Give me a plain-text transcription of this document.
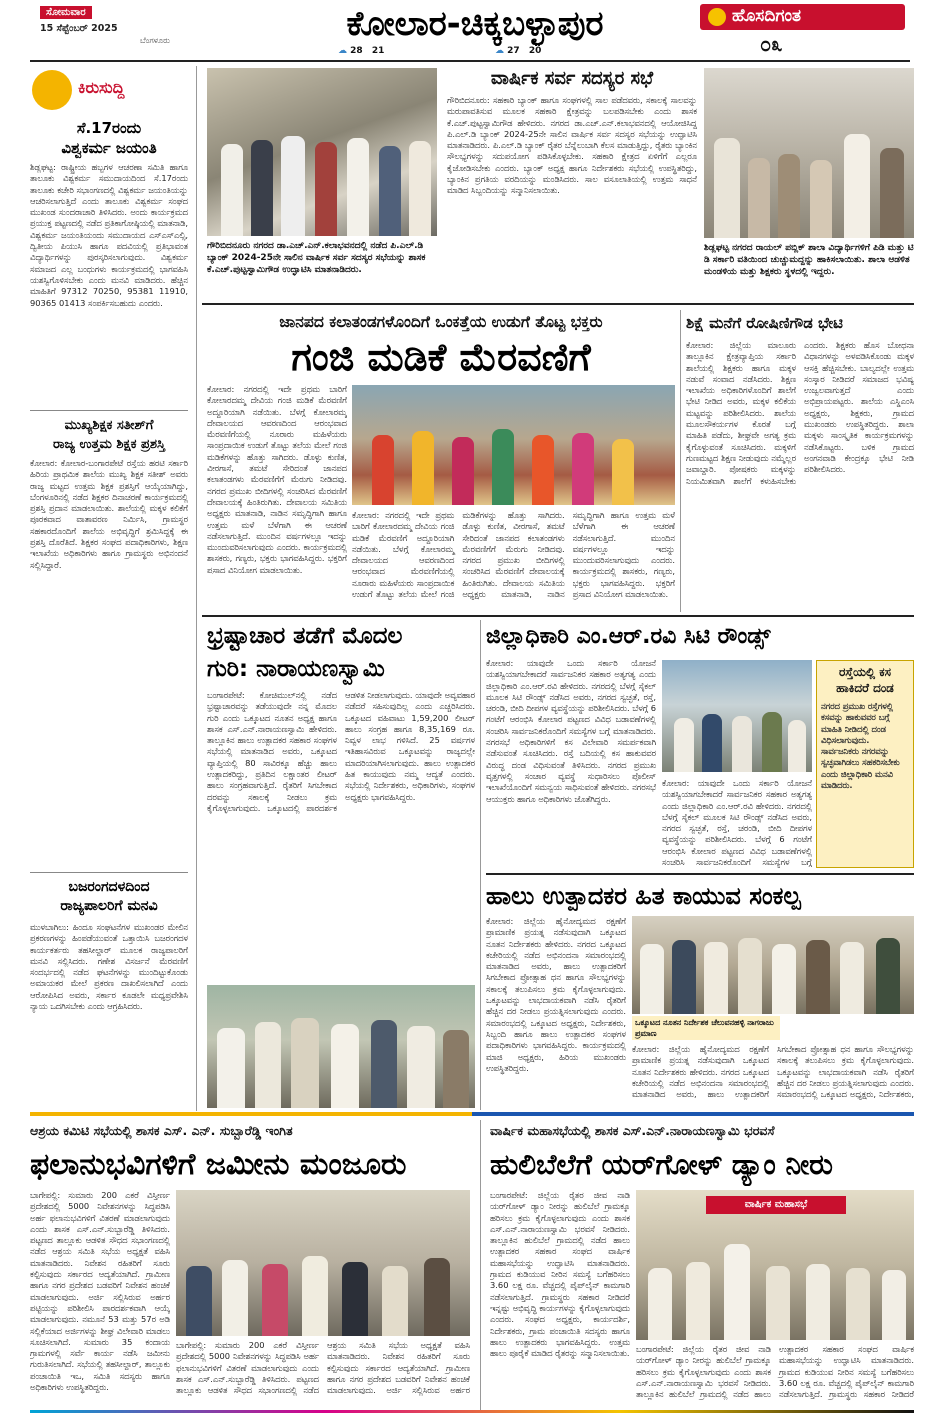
ಸೋಮವಾರ
15 ಸೆಪ್ಟೆಂಬರ್ 2025
ಬೆಂಗಳೂರು	ಕೋಲಾರ-ಚಿಕ್ಕಬಳ್ಳಾಪುರ
☁ 28 21	☁ 27 20
ಹೊಸದಿಗಂತ
೦೩
ಕಿರುಸುದ್ದಿ
ಸೆ.17ರಂದು
ವಿಶ್ವಕರ್ಮ ಜಯಂತಿ
ಶಿಡ್ಲಘಟ್ಟ: ರಾಷ್ಟ್ರೀಯ ಹಬ್ಬಗಳ ಆಚರಣಾ ಸಮಿತಿ ಹಾಗೂ ತಾಲೂಕು ವಿಶ್ವಕರ್ಮ ಸಮುದಾಯದಿಂದ ಸೆ.17ರಂದು ತಾಲೂಕು ಕಚೇರಿ ಸಭಾಂಗಣದಲ್ಲಿ ವಿಶ್ವಕರ್ಮ ಜಯಂತಿಯನ್ನು ಆಚರಿಸಲಾಗುತ್ತಿದೆ ಎಂದು ತಾಲೂಕು ವಿಶ್ವಕರ್ಮ ಸಂಘದ ಮುಖಂಡ ಸುಂದರಾಚಾರಿ ತಿಳಿಸಿದರು. ಅಂದು ಕಾರ್ಯಕ್ರಮದ ಪ್ರಯುಕ್ತ ಪಟ್ಟಣದಲ್ಲಿ ನಡೆದ ಪ್ರತಿಕಾಗೋಷ್ಠಿಯಲ್ಲಿ ಮಾತನಾಡಿ, ವಿಶ್ವಕರ್ಮ ಜಯಂತಿಯಂದು ಸಮುದಾಯದ ಎಸ್ಎಸ್ಎಲ್ಸಿ, ದ್ವಿತೀಯ ಪಿಯುಸಿ ಹಾಗೂ ಪದವಿಯಲ್ಲಿ ಪ್ರತಿಭಾವಂತ ವಿದ್ಯಾರ್ಥಿಗಳನ್ನು ಪುರಸ್ಕರಿಸಲಾಗುವುದು. ವಿಶ್ವಕರ್ಮ ಸಮಾಜದ ಎಲ್ಲ ಬಂಧುಗಳು ಕಾರ್ಯಕ್ರಮದಲ್ಲಿ ಭಾಗವಹಿಸಿ ಯಶಸ್ವಿಗೊಳಿಸಬೇಕು ಎಂದು ಮನವಿ ಮಾಡಿದರು. ಹೆಚ್ಚಿನ ಮಾಹಿತಿಗೆ 97312 70250, 95381 11910, 90365 01413 ಸಂಪರ್ಕಿಸಬಹುದು ಎಂದರು.
ಮುಖ್ಯಶಿಕ್ಷಕ ಸತೀಶ್‌ಗೆ
ರಾಜ್ಯ ಉತ್ತಮ ಶಿಕ್ಷಕ ಪ್ರಶಸ್ತಿ
ಕೋಲಾರ: ಕೋಲಾರ-ಬಂಗಾರಪೇಟೆ ರಸ್ತೆಯ ಹರಟಿ ಸರ್ಕಾರಿ ಹಿರಿಯ ಪ್ರಾಥಮಿಕ ಶಾಲೆಯ ಮುಖ್ಯ ಶಿಕ್ಷಕ ಸತೀಶ್ ಅವರು ರಾಜ್ಯ ಮಟ್ಟದ ಉತ್ತಮ ಶಿಕ್ಷಕ ಪ್ರಶಸ್ತಿಗೆ ಆಯ್ಕೆಯಾಗಿದ್ದು, ಬೆಂಗಳೂರಿನಲ್ಲಿ ನಡೆದ ಶಿಕ್ಷಕರ ದಿನಾಚರಣೆ ಕಾರ್ಯಕ್ರಮದಲ್ಲಿ ಪ್ರಶಸ್ತಿ ಪ್ರದಾನ ಮಾಡಲಾಯಿತು. ಶಾಲೆಯಲ್ಲಿ ಮಕ್ಕಳ ಕಲಿಕೆಗೆ ಪೂರಕವಾದ ವಾತಾವರಣ ನಿರ್ಮಿಸಿ, ಗ್ರಾಮಸ್ಥರ ಸಹಕಾರದೊಂದಿಗೆ ಶಾಲೆಯ ಅಭಿವೃದ್ಧಿಗೆ ಶ್ರಮಿಸಿದ್ದಕ್ಕೆ ಈ ಪ್ರಶಸ್ತಿ ದೊರೆತಿದೆ. ಶಿಕ್ಷಕರ ಸಂಘದ ಪದಾಧಿಕಾರಿಗಳು, ಶಿಕ್ಷಣ ಇಲಾಖೆಯ ಅಧಿಕಾರಿಗಳು ಹಾಗೂ ಗ್ರಾಮಸ್ಥರು ಅಭಿನಂದನೆ ಸಲ್ಲಿಸಿದ್ದಾರೆ.
ಬಜರಂಗದಳದಿಂದ
ರಾಜ್ಯಪಾಲರಿಗೆ ಮನವಿ
ಮುಳಬಾಗಿಲು: ಹಿಂದೂ ಸಂಘಟನೆಗಳ ಮುಖಂಡರ ಮೇಲಿನ ಪ್ರಕರಣಗಳನ್ನು ಹಿಂಪಡೆಯುವಂತೆ ಒತ್ತಾಯಿಸಿ ಬಜರಂಗದಳ ಕಾರ್ಯಕರ್ತರು ತಹಸೀಲ್ದಾರ್ ಮೂಲಕ ರಾಜ್ಯಪಾಲರಿಗೆ ಮನವಿ ಸಲ್ಲಿಸಿದರು. ಗಣೇಶ ವಿಸರ್ಜನೆ ಮೆರವಣಿಗೆ ಸಂದರ್ಭದಲ್ಲಿ ನಡೆದ ಘಟನೆಗಳನ್ನು ಮುಂದಿಟ್ಟುಕೊಂಡು ಅಮಾಯಕರ ಮೇಲೆ ಪ್ರಕರಣ ದಾಖಲಿಸಲಾಗಿದೆ ಎಂದು ಆರೋಪಿಸಿದ ಅವರು, ಸರ್ಕಾರ ಕೂಡಲೇ ಮಧ್ಯಪ್ರವೇಶಿಸಿ ನ್ಯಾಯ ಒದಗಿಸಬೇಕು ಎಂದು ಆಗ್ರಹಿಸಿದರು.
ಗೌರಿಬಿದನೂರು ನಗರದ ಡಾ.ಎಚ್.ಎನ್.ಕಲಾಭವನದಲ್ಲಿ ನಡೆದ ಪಿ.ಎಲ್.ಡಿ ಬ್ಯಾಂಕ್ 2024-25ನೇ ಸಾಲಿನ ವಾರ್ಷಿಕ ಸರ್ವ ಸದಸ್ಯರ ಸಭೆಯನ್ನು ಶಾಸಕ ಕೆ.ಎಚ್.ಪುಟ್ಟಸ್ವಾಮಿಗೌಡ ಉದ್ಘಾಟಿಸಿ ಮಾತನಾಡಿದರು.
ವಾರ್ಷಿಕ ಸರ್ವ ಸದಸ್ಯರ ಸಭೆ
ಗೌರಿಬಿದನೂರು: ಸಹಕಾರಿ ಬ್ಯಾಂಕ್ ಹಾಗೂ ಸಂಘಗಳಲ್ಲಿ ಸಾಲ ಪಡೆದವರು, ಸಕಾಲಕ್ಕೆ ಸಾಲವನ್ನು ಮರುಪಾವತಿಸುವ ಮೂಲಕ ಸಹಕಾರಿ ಕ್ಷೇತ್ರವನ್ನು ಬಲಪಡಿಸಬೇಕು ಎಂದು ಶಾಸಕ ಕೆ.ಎಚ್.ಪುಟ್ಟಸ್ವಾಮಿಗೌಡ ಹೇಳಿದರು. ನಗರದ ಡಾ.ಎಚ್.ಎನ್.ಕಲಾಭವನದಲ್ಲಿ ಆಯೋಜಿಸಿದ್ದ ಪಿ.ಎಲ್.ಡಿ ಬ್ಯಾಂಕ್ 2024-25ನೇ ಸಾಲಿನ ವಾರ್ಷಿಕ ಸರ್ವ ಸದಸ್ಯರ ಸಭೆಯನ್ನು ಉದ್ಘಾಟಿಸಿ ಮಾತನಾಡಿದರು. ಪಿ.ಎಲ್.ಡಿ ಬ್ಯಾಂಕ್ ರೈತರ ಬೆನ್ನೆಲುಬಾಗಿ ಕೆಲಸ ಮಾಡುತ್ತಿದ್ದು, ರೈತರು ಬ್ಯಾಂಕಿನ ಸೌಲಭ್ಯಗಳನ್ನು ಸದುಪಯೋಗ ಪಡಿಸಿಕೊಳ್ಳಬೇಕು. ಸಹಕಾರಿ ಕ್ಷೇತ್ರದ ಏಳಿಗೆಗೆ ಎಲ್ಲರೂ ಕೈಜೋಡಿಸಬೇಕು ಎಂದರು. ಬ್ಯಾಂಕ್ ಅಧ್ಯಕ್ಷ ಹಾಗೂ ನಿರ್ದೇಶಕರು ಸಭೆಯಲ್ಲಿ ಉಪಸ್ಥಿತರಿದ್ದು, ಬ್ಯಾಂಕಿನ ಪ್ರಗತಿಯ ವರದಿಯನ್ನು ಮಂಡಿಸಿದರು. ಸಾಲ ವಸೂಲಾತಿಯಲ್ಲಿ ಉತ್ತಮ ಸಾಧನೆ ಮಾಡಿದ ಸಿಬ್ಬಂದಿಯನ್ನು ಸನ್ಮಾನಿಸಲಾಯಿತು.
ಶಿಡ್ಲಘಟ್ಟ ನಗರದ ರಾಯಲ್ ಪಬ್ಲಿಕ್ ಶಾಲಾ ವಿದ್ಯಾರ್ಥಿಗಳಿಗೆ ಪಿಡಿ ಮತ್ತು ಟಿ ಡಿ ಸರ್ಕಾರಿ ವತಿಯಿಂದ ಚುಚ್ಚುಮದ್ದನ್ನು ಹಾಕಿಸಲಾಯಿತು. ಶಾಲಾ ಆಡಳಿತ ಮಂಡಳಿಯ ಮತ್ತು ಶಿಕ್ಷಕರು ಸ್ಥಳದಲ್ಲಿ ಇದ್ದರು.
ಜಾನಪದ ಕಲಾತಂಡಗಳೊಂದಿಗೆ ಒಂಕತ್ತೆಯ ಉಡುಗೆ ತೊಟ್ಟ ಭಕ್ತರು
ಗಂಜಿ ಮಡಿಕೆ ಮೆರವಣಿಗೆ
ಕೋಲಾರ: ನಗರದಲ್ಲಿ ಇದೇ ಪ್ರಥಮ ಬಾರಿಗೆ ಕೋಲಾರದಮ್ಮ ದೇವಿಯ ಗಂಜಿ ಮಡಿಕೆ ಮೆರವಣಿಗೆ ಅದ್ದೂರಿಯಾಗಿ ನಡೆಯಿತು. ಬೆಳಗ್ಗೆ ಕೋಲಾರಮ್ಮ ದೇವಾಲಯದ ಆವರಣದಿಂದ ಆರಂಭವಾದ ಮೆರವಣಿಗೆಯಲ್ಲಿ ನೂರಾರು ಮಹಿಳೆಯರು ಸಾಂಪ್ರದಾಯಿಕ ಉಡುಗೆ ತೊಟ್ಟು ತಲೆಯ ಮೇಲೆ ಗಂಜಿ ಮಡಿಕೆಗಳನ್ನು ಹೊತ್ತು ಸಾಗಿದರು. ಡೊಳ್ಳು ಕುಣಿತ, ವೀರಗಾಸೆ, ತಮಟೆ ಸೇರಿದಂತೆ ಜಾನಪದ ಕಲಾತಂಡಗಳು ಮೆರವಣಿಗೆಗೆ ಮೆರುಗು ನೀಡಿದವು. ನಗರದ ಪ್ರಮುಖ ಬೀದಿಗಳಲ್ಲಿ ಸಂಚರಿಸಿದ ಮೆರವಣಿಗೆ ದೇವಾಲಯಕ್ಕೆ ಹಿಂತಿರುಗಿತು. ದೇವಾಲಯ ಸಮಿತಿಯ ಅಧ್ಯಕ್ಷರು ಮಾತನಾಡಿ, ನಾಡಿನ ಸಮೃದ್ಧಿಗಾಗಿ ಹಾಗೂ ಉತ್ತಮ ಮಳೆ ಬೆಳೆಗಾಗಿ ಈ ಆಚರಣೆ ನಡೆಸಲಾಗುತ್ತಿದೆ. ಮುಂದಿನ ವರ್ಷಗಳಲ್ಲೂ ಇದನ್ನು ಮುಂದುವರಿಸಲಾಗುವುದು ಎಂದರು. ಕಾರ್ಯಕ್ರಮದಲ್ಲಿ ಶಾಸಕರು, ಗಣ್ಯರು, ಭಕ್ತರು ಭಾಗವಹಿಸಿದ್ದರು. ಭಕ್ತರಿಗೆ ಪ್ರಸಾದ ವಿನಿಯೋಗ ಮಾಡಲಾಯಿತು.
ಕೋಲಾರ: ನಗರದಲ್ಲಿ ಇದೇ ಪ್ರಥಮ ಬಾರಿಗೆ ಕೋಲಾರದಮ್ಮ ದೇವಿಯ ಗಂಜಿ ಮಡಿಕೆ ಮೆರವಣಿಗೆ ಅದ್ದೂರಿಯಾಗಿ ನಡೆಯಿತು. ಬೆಳಗ್ಗೆ ಕೋಲಾರಮ್ಮ ದೇವಾಲಯದ ಆವರಣದಿಂದ ಆರಂಭವಾದ ಮೆರವಣಿಗೆಯಲ್ಲಿ ನೂರಾರು ಮಹಿಳೆಯರು ಸಾಂಪ್ರದಾಯಿಕ ಉಡುಗೆ ತೊಟ್ಟು ತಲೆಯ ಮೇಲೆ ಗಂಜಿ ಮಡಿಕೆಗಳನ್ನು ಹೊತ್ತು ಸಾಗಿದರು. ಡೊಳ್ಳು ಕುಣಿತ, ವೀರಗಾಸೆ, ತಮಟೆ ಸೇರಿದಂತೆ ಜಾನಪದ ಕಲಾತಂಡಗಳು ಮೆರವಣಿಗೆಗೆ ಮೆರುಗು ನೀಡಿದವು. ನಗರದ ಪ್ರಮುಖ ಬೀದಿಗಳಲ್ಲಿ ಸಂಚರಿಸಿದ ಮೆರವಣಿಗೆ ದೇವಾಲಯಕ್ಕೆ ಹಿಂತಿರುಗಿತು. ದೇವಾಲಯ ಸಮಿತಿಯ ಅಧ್ಯಕ್ಷರು ಮಾತನಾಡಿ, ನಾಡಿನ ಸಮೃದ್ಧಿಗಾಗಿ ಹಾಗೂ ಉತ್ತಮ ಮಳೆ ಬೆಳೆಗಾಗಿ ಈ ಆಚರಣೆ ನಡೆಸಲಾಗುತ್ತಿದೆ. ಮುಂದಿನ ವರ್ಷಗಳಲ್ಲೂ ಇದನ್ನು ಮುಂದುವರಿಸಲಾಗುವುದು ಎಂದರು. ಕಾರ್ಯಕ್ರಮದಲ್ಲಿ ಶಾಸಕರು, ಗಣ್ಯರು, ಭಕ್ತರು ಭಾಗವಹಿಸಿದ್ದರು. ಭಕ್ತರಿಗೆ ಪ್ರಸಾದ ವಿನಿಯೋಗ ಮಾಡಲಾಯಿತು.
ಶಿಕ್ಷೆ ಮನೆಗೆ ರೋಷಿಣಿಗೌಡ ಭೇಟಿ
ಕೋಲಾರ: ಜಿಲ್ಲೆಯ ಮಾಲೂರು ತಾಲ್ಲೂಕಿನ ಕ್ಷೇತ್ರವ್ಯಾಪ್ತಿಯ ಸರ್ಕಾರಿ ಶಾಲೆಯಲ್ಲಿ ಶಿಕ್ಷಕರು ಹಾಗೂ ಮಕ್ಕಳ ನಡುವೆ ಸಂವಾದ ನಡೆಸಿದರು. ಶಿಕ್ಷಣ ಇಲಾಖೆಯ ಅಧಿಕಾರಿಗಳೊಂದಿಗೆ ಶಾಲೆಗೆ ಭೇಟಿ ನೀಡಿದ ಅವರು, ಮಕ್ಕಳ ಕಲಿಕೆಯ ಮಟ್ಟವನ್ನು ಪರಿಶೀಲಿಸಿದರು. ಶಾಲೆಯ ಮೂಲಸೌಕರ್ಯಗಳ ಕೊರತೆ ಬಗ್ಗೆ ಮಾಹಿತಿ ಪಡೆದು, ಶೀಘ್ರವೇ ಅಗತ್ಯ ಕ್ರಮ ಕೈಗೊಳ್ಳುವಂತೆ ಸೂಚಿಸಿದರು. ಮಕ್ಕಳಿಗೆ ಗುಣಮಟ್ಟದ ಶಿಕ್ಷಣ ನೀಡುವುದು ನಮ್ಮೆಲ್ಲರ ಜವಾಬ್ದಾರಿ. ಪೋಷಕರು ಮಕ್ಕಳನ್ನು ನಿಯಮಿತವಾಗಿ ಶಾಲೆಗೆ ಕಳುಹಿಸಬೇಕು ಎಂದರು. ಶಿಕ್ಷಕರು ಹೊಸ ಬೋಧನಾ ವಿಧಾನಗಳನ್ನು ಅಳವಡಿಸಿಕೊಂಡು ಮಕ್ಕಳ ಆಸಕ್ತಿ ಹೆಚ್ಚಿಸಬೇಕು. ಬಾಲ್ಯದಲ್ಲೇ ಉತ್ತಮ ಸಂಸ್ಕಾರ ನೀಡಿದರೆ ಸಮಾಜದ ಭವಿಷ್ಯ ಉಜ್ವಲವಾಗುತ್ತದೆ ಎಂದು ಅಭಿಪ್ರಾಯಪಟ್ಟರು. ಶಾಲೆಯ ಎಸ್ಡಿಎಂಸಿ ಅಧ್ಯಕ್ಷರು, ಶಿಕ್ಷಕರು, ಗ್ರಾಮದ ಮುಖಂಡರು ಉಪಸ್ಥಿತರಿದ್ದರು. ಶಾಲಾ ಮಕ್ಕಳು ಸಾಂಸ್ಕೃತಿಕ ಕಾರ್ಯಕ್ರಮಗಳನ್ನು ನಡೆಸಿಕೊಟ್ಟರು. ಬಳಿಕ ಗ್ರಾಮದ ಅಂಗನವಾಡಿ ಕೇಂದ್ರಕ್ಕೂ ಭೇಟಿ ನೀಡಿ ಪರಿಶೀಲಿಸಿದರು.
ಭ್ರಷ್ಟಾಚಾರ ತಡೆಗೆ ಮೊದಲ
ಗುರಿ: ನಾರಾಯಣಸ್ವಾಮಿ
ಬಂಗಾರಪೇಟೆ: ಕೋಚಿಮುಲ್‌ನಲ್ಲಿ ನಡೆದ ಭ್ರಷ್ಟಾಚಾರವನ್ನು ತಡೆಯುವುದೇ ನನ್ನ ಮೊದಲ ಗುರಿ ಎಂದು ಒಕ್ಕೂಟದ ನೂತನ ಅಧ್ಯಕ್ಷ ಹಾಗೂ ಶಾಸಕ ಎಸ್.ಎನ್.ನಾರಾಯಣಸ್ವಾಮಿ ಹೇಳಿದರು. ತಾಲ್ಲೂಕಿನ ಹಾಲು ಉತ್ಪಾದಕರ ಸಹಕಾರ ಸಂಘಗಳ ಸಭೆಯಲ್ಲಿ ಮಾತನಾಡಿದ ಅವರು, ಒಕ್ಕೂಟದ ವ್ಯಾಪ್ತಿಯಲ್ಲಿ 80 ಸಾವಿರಕ್ಕೂ ಹೆಚ್ಚು ಹಾಲು ಉತ್ಪಾದಕರಿದ್ದು, ಪ್ರತಿದಿನ ಲಕ್ಷಾಂತರ ಲೀಟರ್ ಹಾಲು ಸಂಗ್ರಹವಾಗುತ್ತಿದೆ. ರೈತರಿಗೆ ಸಿಗಬೇಕಾದ ದರವನ್ನು ಸಕಾಲಕ್ಕೆ ನೀಡಲು ಕ್ರಮ ಕೈಗೊಳ್ಳಲಾಗುವುದು. ಒಕ್ಕೂಟದಲ್ಲಿ ಪಾರದರ್ಶಕ ಆಡಳಿತ ನೀಡಲಾಗುವುದು. ಯಾವುದೇ ಅವ್ಯವಹಾರ ನಡೆದರೆ ಸಹಿಸುವುದಿಲ್ಲ ಎಂದು ಎಚ್ಚರಿಸಿದರು. ಒಕ್ಕೂಟದ ವಹಿವಾಟು 1,59,200 ಲೀಟರ್ ಹಾಲು ಸಂಗ್ರಹ ಹಾಗೂ 8,35,169 ರೂ. ನಿವ್ವಳ ಲಾಭ ಗಳಿಸಿದೆ. 25 ವರ್ಷಗಳ ಇತಿಹಾಸವಿರುವ ಒಕ್ಕೂಟವನ್ನು ರಾಜ್ಯದಲ್ಲೇ ಮಾದರಿಯಾಗಿಸಲಾಗುವುದು. ಹಾಲು ಉತ್ಪಾದಕರ ಹಿತ ಕಾಯುವುದು ನಮ್ಮ ಆದ್ಯತೆ ಎಂದರು. ಸಭೆಯಲ್ಲಿ ನಿರ್ದೇಶಕರು, ಅಧಿಕಾರಿಗಳು, ಸಂಘಗಳ ಅಧ್ಯಕ್ಷರು ಭಾಗವಹಿಸಿದ್ದರು.
ಜಿಲ್ಲಾಧಿಕಾರಿ ಎಂ.ಆರ್.ರವಿ ಸಿಟಿ ರೌಂಡ್ಸ್
ಕೋಲಾರ: ಯಾವುದೇ ಒಂದು ಸರ್ಕಾರಿ ಯೋಜನೆ ಯಶಸ್ವಿಯಾಗಬೇಕಾದರೆ ಸಾರ್ವಜನಿಕರ ಸಹಕಾರ ಅತ್ಯಗತ್ಯ ಎಂದು ಜಿಲ್ಲಾಧಿಕಾರಿ ಎಂ.ಆರ್.ರವಿ ಹೇಳಿದರು. ನಗರದಲ್ಲಿ ಬೆಳಗ್ಗೆ ಸೈಕಲ್ ಮೂಲಕ ಸಿಟಿ ರೌಂಡ್ಸ್ ನಡೆಸಿದ ಅವರು, ನಗರದ ಸ್ವಚ್ಛತೆ, ರಸ್ತೆ, ಚರಂಡಿ, ಬೀದಿ ದೀಪಗಳ ವ್ಯವಸ್ಥೆಯನ್ನು ಪರಿಶೀಲಿಸಿದರು. ಬೆಳಗ್ಗೆ 6 ಗಂಟೆಗೆ ಆರಂಭಿಸಿ ಕೋಲಾರ ಪಟ್ಟಣದ ವಿವಿಧ ಬಡಾವಣೆಗಳಲ್ಲಿ ಸಂಚರಿಸಿ ಸಾರ್ವಜನಿಕರೊಂದಿಗೆ ಸಮಸ್ಯೆಗಳ ಬಗ್ಗೆ ಮಾತನಾಡಿದರು. ನಗರಸಭೆ ಅಧಿಕಾರಿಗಳಿಗೆ ಕಸ ವಿಲೇವಾರಿ ಸಮರ್ಪಕವಾಗಿ ನಡೆಸುವಂತೆ ಸೂಚಿಸಿದರು. ರಸ್ತೆ ಬದಿಯಲ್ಲಿ ಕಸ ಹಾಕುವವರ ವಿರುದ್ಧ ದಂಡ ವಿಧಿಸುವಂತೆ ತಿಳಿಸಿದರು. ನಗರದ ಪ್ರಮುಖ ವೃತ್ತಗಳಲ್ಲಿ ಸಂಚಾರ ವ್ಯವಸ್ಥೆ ಸುಧಾರಿಸಲು ಪೊಲೀಸ್ ಇಲಾಖೆಯೊಂದಿಗೆ ಸಮನ್ವಯ ಸಾಧಿಸುವಂತೆ ಹೇಳಿದರು. ನಗರಸಭೆ ಆಯುಕ್ತರು ಹಾಗೂ ಅಧಿಕಾರಿಗಳು ಜೊತೆಗಿದ್ದರು.
ಕೋಲಾರ: ಯಾವುದೇ ಒಂದು ಸರ್ಕಾರಿ ಯೋಜನೆ ಯಶಸ್ವಿಯಾಗಬೇಕಾದರೆ ಸಾರ್ವಜನಿಕರ ಸಹಕಾರ ಅತ್ಯಗತ್ಯ ಎಂದು ಜಿಲ್ಲಾಧಿಕಾರಿ ಎಂ.ಆರ್.ರವಿ ಹೇಳಿದರು. ನಗರದಲ್ಲಿ ಬೆಳಗ್ಗೆ ಸೈಕಲ್ ಮೂಲಕ ಸಿಟಿ ರೌಂಡ್ಸ್ ನಡೆಸಿದ ಅವರು, ನಗರದ ಸ್ವಚ್ಛತೆ, ರಸ್ತೆ, ಚರಂಡಿ, ಬೀದಿ ದೀಪಗಳ ವ್ಯವಸ್ಥೆಯನ್ನು ಪರಿಶೀಲಿಸಿದರು. ಬೆಳಗ್ಗೆ 6 ಗಂಟೆಗೆ ಆರಂಭಿಸಿ ಕೋಲಾರ ಪಟ್ಟಣದ ವಿವಿಧ ಬಡಾವಣೆಗಳಲ್ಲಿ ಸಂಚರಿಸಿ ಸಾರ್ವಜನಿಕರೊಂದಿಗೆ ಸಮಸ್ಯೆಗಳ ಬಗ್ಗೆ
ರಸ್ತೆಯಲ್ಲಿ ಕಸ ಹಾಕಿದರೆ ದಂಡ
ನಗರದ ಪ್ರಮುಖ ರಸ್ತೆಗಳಲ್ಲಿ ಕಸವನ್ನು ಹಾಕುವವರ ಬಗ್ಗೆ ಮಾಹಿತಿ ನೀಡಿದಲ್ಲಿ ದಂಡ ವಿಧಿಸಲಾಗುವುದು. ಸಾರ್ವಜನಿಕರು ನಗರವನ್ನು ಸ್ವಚ್ಛವಾಗಿಡಲು ಸಹಕರಿಸಬೇಕು ಎಂದು ಜಿಲ್ಲಾಧಿಕಾರಿ ಮನವಿ ಮಾಡಿದರು.
ಹಾಲು ಉತ್ಪಾದಕರ ಹಿತ ಕಾಯುವ ಸಂಕಲ್ಪ
ಕೋಲಾರ: ಜಿಲ್ಲೆಯ ಹೈನೋದ್ಯಮದ ರಕ್ಷಣೆಗೆ ಪ್ರಾಮಾಣಿಕ ಪ್ರಯತ್ನ ನಡೆಸುವುದಾಗಿ ಒಕ್ಕೂಟದ ನೂತನ ನಿರ್ದೇಶಕರು ಹೇಳಿದರು. ನಗರದ ಒಕ್ಕೂಟದ ಕಚೇರಿಯಲ್ಲಿ ನಡೆದ ಅಭಿನಂದನಾ ಸಮಾರಂಭದಲ್ಲಿ ಮಾತನಾಡಿದ ಅವರು, ಹಾಲು ಉತ್ಪಾದಕರಿಗೆ ಸಿಗಬೇಕಾದ ಪ್ರೋತ್ಸಾಹ ಧನ ಹಾಗೂ ಸೌಲಭ್ಯಗಳನ್ನು ಸಕಾಲಕ್ಕೆ ತಲುಪಿಸಲು ಕ್ರಮ ಕೈಗೊಳ್ಳಲಾಗುವುದು. ಒಕ್ಕೂಟವನ್ನು ಲಾಭದಾಯಕವಾಗಿ ನಡೆಸಿ ರೈತರಿಗೆ ಹೆಚ್ಚಿನ ದರ ನೀಡಲು ಪ್ರಯತ್ನಿಸಲಾಗುವುದು ಎಂದರು. ಸಮಾರಂಭದಲ್ಲಿ ಒಕ್ಕೂಟದ ಅಧ್ಯಕ್ಷರು, ನಿರ್ದೇಶಕರು, ಸಿಬ್ಬಂದಿ ಹಾಗೂ ಹಾಲು ಉತ್ಪಾದಕರ ಸಂಘಗಳ ಪದಾಧಿಕಾರಿಗಳು ಭಾಗವಹಿಸಿದ್ದರು. ಕಾರ್ಯಕ್ರಮದಲ್ಲಿ ಮಾಜಿ ಅಧ್ಯಕ್ಷರು, ಹಿರಿಯ ಮುಖಂಡರು ಉಪಸ್ಥಿತರಿದ್ದರು.
ಒಕ್ಕೂಟದ ನೂತನ ನಿರ್ದೇಶಕ ಚೆಲುವನಹಳ್ಳಿ ನಾಗರಾಜು ಪ್ರಮಾಣ
ಕೋಲಾರ: ಜಿಲ್ಲೆಯ ಹೈನೋದ್ಯಮದ ರಕ್ಷಣೆಗೆ ಪ್ರಾಮಾಣಿಕ ಪ್ರಯತ್ನ ನಡೆಸುವುದಾಗಿ ಒಕ್ಕೂಟದ ನೂತನ ನಿರ್ದೇಶಕರು ಹೇಳಿದರು. ನಗರದ ಒಕ್ಕೂಟದ ಕಚೇರಿಯಲ್ಲಿ ನಡೆದ ಅಭಿನಂದನಾ ಸಮಾರಂಭದಲ್ಲಿ ಮಾತನಾಡಿದ ಅವರು, ಹಾಲು ಉತ್ಪಾದಕರಿಗೆ ಸಿಗಬೇಕಾದ ಪ್ರೋತ್ಸಾಹ ಧನ ಹಾಗೂ ಸೌಲಭ್ಯಗಳನ್ನು ಸಕಾಲಕ್ಕೆ ತಲುಪಿಸಲು ಕ್ರಮ ಕೈಗೊಳ್ಳಲಾಗುವುದು. ಒಕ್ಕೂಟವನ್ನು ಲಾಭದಾಯಕವಾಗಿ ನಡೆಸಿ ರೈತರಿಗೆ ಹೆಚ್ಚಿನ ದರ ನೀಡಲು ಪ್ರಯತ್ನಿಸಲಾಗುವುದು ಎಂದರು. ಸಮಾರಂಭದಲ್ಲಿ ಒಕ್ಕೂಟದ ಅಧ್ಯಕ್ಷರು, ನಿರ್ದೇಶಕರು,
ಆಶ್ರಯ ಕಮಿಟಿ ಸಭೆಯಲ್ಲಿ ಶಾಸಕ ಎಸ್. ಎನ್. ಸುಬ್ಬಾರೆಡ್ಡಿ ಇಂಗಿತ
ಫಲಾನುಭವಿಗಳಿಗೆ ಜಮೀನು ಮಂಜೂರು
ಬಾಗೇಪಲ್ಲಿ: ಸುಮಾರು 200 ಎಕರೆ ವಿಸ್ತೀರ್ಣ ಪ್ರದೇಶದಲ್ಲಿ 5000 ನಿವೇಶನಗಳನ್ನು ಸಿದ್ಧಪಡಿಸಿ ಅರ್ಹ ಫಲಾನುಭವಿಗಳಿಗೆ ವಿತರಣೆ ಮಾಡಲಾಗುವುದು ಎಂದು ಶಾಸಕ ಎಸ್.ಎನ್.ಸುಬ್ಬಾರೆಡ್ಡಿ ತಿಳಿಸಿದರು. ಪಟ್ಟಣದ ತಾಲ್ಲೂಕು ಆಡಳಿತ ಸೌಧದ ಸಭಾಂಗಣದಲ್ಲಿ ನಡೆದ ಆಶ್ರಯ ಸಮಿತಿ ಸಭೆಯ ಅಧ್ಯಕ್ಷತೆ ವಹಿಸಿ ಮಾತನಾಡಿದರು. ನಿವೇಶನ ರಹಿತರಿಗೆ ಸೂರು ಕಲ್ಪಿಸುವುದು ಸರ್ಕಾರದ ಆದ್ಯತೆಯಾಗಿದೆ. ಗ್ರಾಮೀಣ ಹಾಗೂ ನಗರ ಪ್ರದೇಶದ ಬಡವರಿಗೆ ನಿವೇಶನ ಹಂಚಿಕೆ ಮಾಡಲಾಗುವುದು. ಅರ್ಜಿ ಸಲ್ಲಿಸಿರುವ ಅರ್ಹರ ಪಟ್ಟಿಯನ್ನು ಪರಿಶೀಲಿಸಿ ಪಾರದರ್ಶಕವಾಗಿ ಆಯ್ಕೆ ಮಾಡಲಾಗುವುದು. ನಮೂನೆ 53 ಮತ್ತು 57ರ ಅಡಿ ಸಲ್ಲಿಕೆಯಾದ ಅರ್ಜಿಗಳನ್ನು ಶೀಘ್ರ ವಿಲೇವಾರಿ ಮಾಡಲು ಸೂಚಿಸಲಾಗಿದೆ. ಸುಮಾರು 35 ಕಂದಾಯ ಗ್ರಾಮಗಳಲ್ಲಿ ಸರ್ವೆ ಕಾರ್ಯ ನಡೆಸಿ ಜಮೀನು ಗುರುತಿಸಲಾಗಿದೆ. ಸಭೆಯಲ್ಲಿ ತಹಸೀಲ್ದಾರ್, ತಾಲ್ಲೂಕು ಪಂಚಾಯಿತಿ ಇಒ, ಸಮಿತಿ ಸದಸ್ಯರು ಹಾಗೂ ಅಧಿಕಾರಿಗಳು ಉಪಸ್ಥಿತರಿದ್ದರು.
ಬಾಗೇಪಲ್ಲಿ: ಸುಮಾರು 200 ಎಕರೆ ವಿಸ್ತೀರ್ಣ ಪ್ರದೇಶದಲ್ಲಿ 5000 ನಿವೇಶನಗಳನ್ನು ಸಿದ್ಧಪಡಿಸಿ ಅರ್ಹ ಫಲಾನುಭವಿಗಳಿಗೆ ವಿತರಣೆ ಮಾಡಲಾಗುವುದು ಎಂದು ಶಾಸಕ ಎಸ್.ಎನ್.ಸುಬ್ಬಾರೆಡ್ಡಿ ತಿಳಿಸಿದರು. ಪಟ್ಟಣದ ತಾಲ್ಲೂಕು ಆಡಳಿತ ಸೌಧದ ಸಭಾಂಗಣದಲ್ಲಿ ನಡೆದ ಆಶ್ರಯ ಸಮಿತಿ ಸಭೆಯ ಅಧ್ಯಕ್ಷತೆ ವಹಿಸಿ ಮಾತನಾಡಿದರು. ನಿವೇಶನ ರಹಿತರಿಗೆ ಸೂರು ಕಲ್ಪಿಸುವುದು ಸರ್ಕಾರದ ಆದ್ಯತೆಯಾಗಿದೆ. ಗ್ರಾಮೀಣ ಹಾಗೂ ನಗರ ಪ್ರದೇಶದ ಬಡವರಿಗೆ ನಿವೇಶನ ಹಂಚಿಕೆ ಮಾಡಲಾಗುವುದು. ಅರ್ಜಿ ಸಲ್ಲಿಸಿರುವ ಅರ್ಹರ
ವಾರ್ಷಿಕ ಮಹಾಸಭೆಯಲ್ಲಿ ಶಾಸಕ ಎಸ್.ಎನ್.ನಾರಾಯಣಸ್ವಾಮಿ ಭರವಸೆ
ಹುಲಿಬೆಲೆಗೆ ಯರ್‌ಗೋಳ್ ಡ್ಯಾಂ ನೀರು
ಬಂಗಾರಪೇಟೆ: ಜಿಲ್ಲೆಯ ರೈತರ ಜೀವ ನಾಡಿ ಯರ್‌ಗೋಳ್ ಡ್ಯಾಂ ನೀರನ್ನು ಹುಲಿಬೆಲೆ ಗ್ರಾಮಕ್ಕೂ ಹರಿಸಲು ಕ್ರಮ ಕೈಗೊಳ್ಳಲಾಗುವುದು ಎಂದು ಶಾಸಕ ಎಸ್.ಎನ್.ನಾರಾಯಣಸ್ವಾಮಿ ಭರವಸೆ ನೀಡಿದರು. ತಾಲ್ಲೂಕಿನ ಹುಲಿಬೆಲೆ ಗ್ರಾಮದಲ್ಲಿ ನಡೆದ ಹಾಲು ಉತ್ಪಾದಕರ ಸಹಕಾರ ಸಂಘದ ವಾರ್ಷಿಕ ಮಹಾಸಭೆಯನ್ನು ಉದ್ಘಾಟಿಸಿ ಮಾತನಾಡಿದರು. ಗ್ರಾಮದ ಕುಡಿಯುವ ನೀರಿನ ಸಮಸ್ಯೆ ಬಗೆಹರಿಸಲು 3.60 ಲಕ್ಷ ರೂ. ವೆಚ್ಚದಲ್ಲಿ ಪೈಪ್‌ಲೈನ್ ಕಾಮಗಾರಿ ನಡೆಸಲಾಗುತ್ತಿದೆ. ಗ್ರಾಮಸ್ಥರು ಸಹಕಾರ ನೀಡಿದರೆ ಇನ್ನಷ್ಟು ಅಭಿವೃದ್ಧಿ ಕಾರ್ಯಗಳನ್ನು ಕೈಗೊಳ್ಳಲಾಗುವುದು ಎಂದರು. ಸಂಘದ ಅಧ್ಯಕ್ಷರು, ಕಾರ್ಯದರ್ಶಿ, ನಿರ್ದೇಶಕರು, ಗ್ರಾಮ ಪಂಚಾಯಿತಿ ಸದಸ್ಯರು ಹಾಗೂ ಹಾಲು ಉತ್ಪಾದಕರು ಭಾಗವಹಿಸಿದ್ದರು. ಉತ್ತಮ ಹಾಲು ಪೂರೈಕೆ ಮಾಡಿದ ರೈತರನ್ನು ಸನ್ಮಾನಿಸಲಾಯಿತು.
ವಾರ್ಷಿಕ ಮಹಾಸಭೆ
ಬಂಗಾರಪೇಟೆ: ಜಿಲ್ಲೆಯ ರೈತರ ಜೀವ ನಾಡಿ ಯರ್‌ಗೋಳ್ ಡ್ಯಾಂ ನೀರನ್ನು ಹುಲಿಬೆಲೆ ಗ್ರಾಮಕ್ಕೂ ಹರಿಸಲು ಕ್ರಮ ಕೈಗೊಳ್ಳಲಾಗುವುದು ಎಂದು ಶಾಸಕ ಎಸ್.ಎನ್.ನಾರಾಯಣಸ್ವಾಮಿ ಭರವಸೆ ನೀಡಿದರು. ತಾಲ್ಲೂಕಿನ ಹುಲಿಬೆಲೆ ಗ್ರಾಮದಲ್ಲಿ ನಡೆದ ಹಾಲು ಉತ್ಪಾದಕರ ಸಹಕಾರ ಸಂಘದ ವಾರ್ಷಿಕ ಮಹಾಸಭೆಯನ್ನು ಉದ್ಘಾಟಿಸಿ ಮಾತನಾಡಿದರು. ಗ್ರಾಮದ ಕುಡಿಯುವ ನೀರಿನ ಸಮಸ್ಯೆ ಬಗೆಹರಿಸಲು 3.60 ಲಕ್ಷ ರೂ. ವೆಚ್ಚದಲ್ಲಿ ಪೈಪ್‌ಲೈನ್ ಕಾಮಗಾರಿ ನಡೆಸಲಾಗುತ್ತಿದೆ. ಗ್ರಾಮಸ್ಥರು ಸಹಕಾರ ನೀಡಿದರೆ
